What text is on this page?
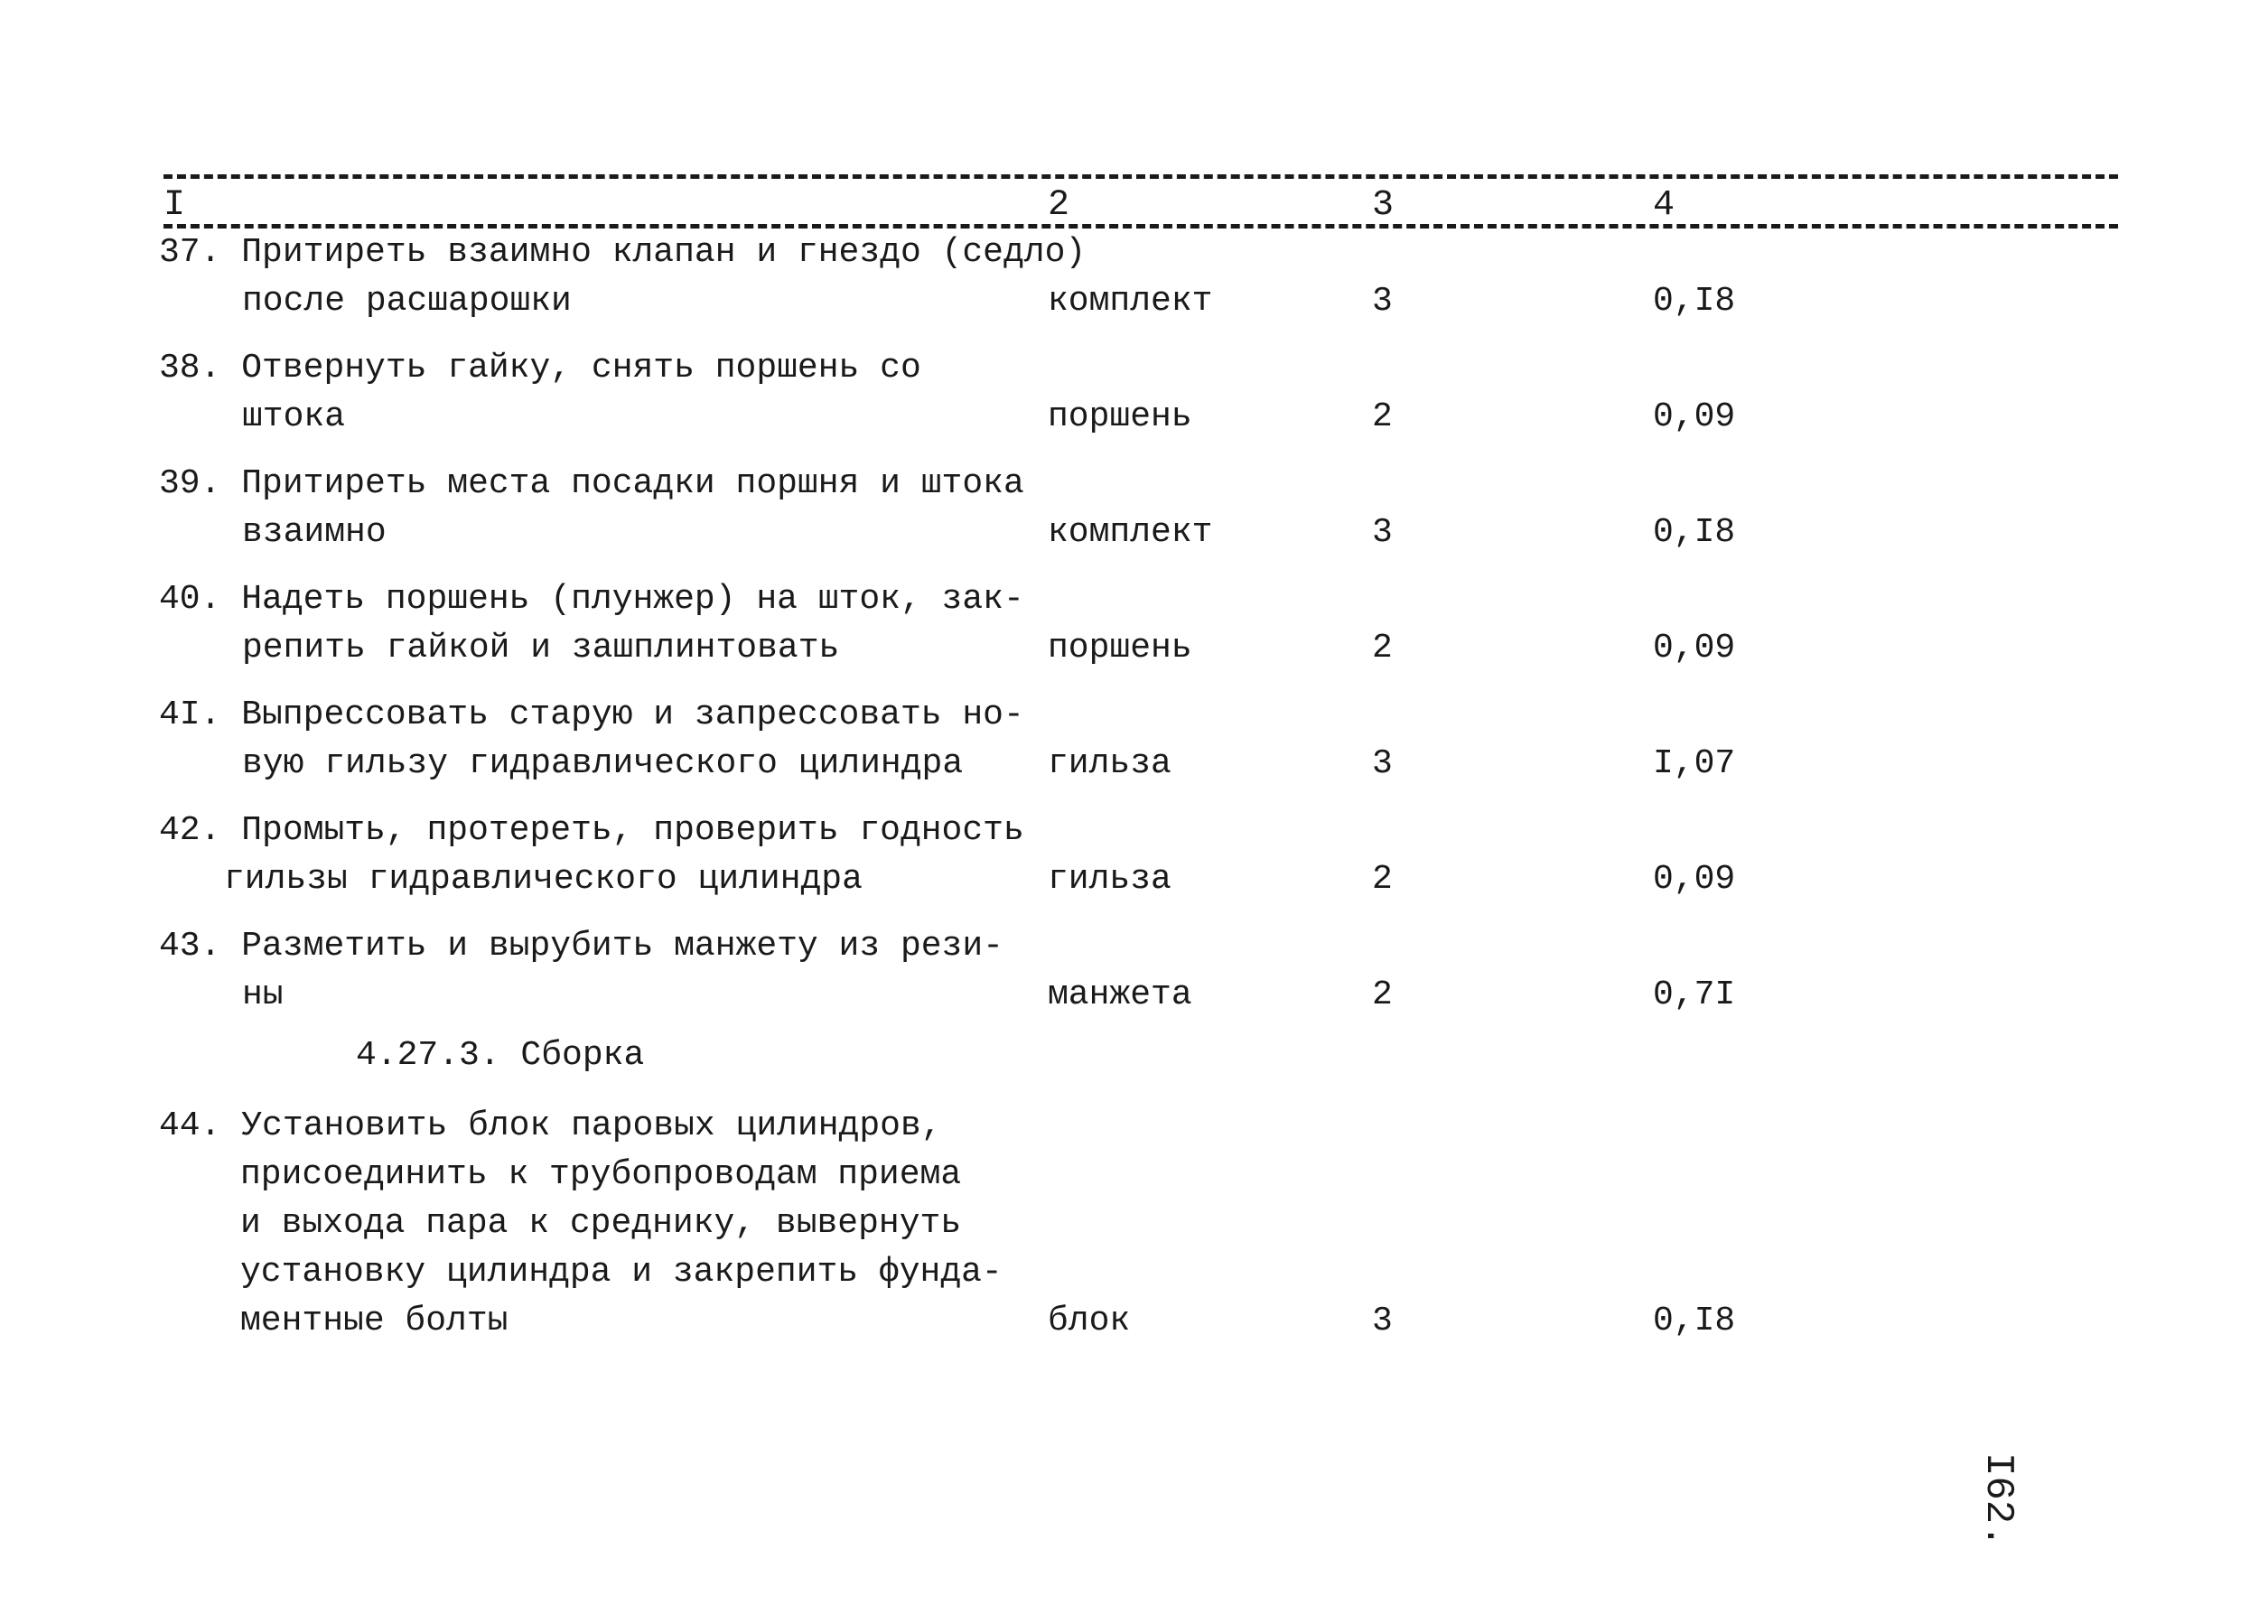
I	2	3	4
37. Притиреть взаимно клапан и гнездо (седло)
после расшарошки	комплект	3	0,I8
38. Отвернуть гайку, снять поршень со
штока	поршень	2	0,09
39. Притиреть места посадки поршня и штока
взаимно	комплект	3	0,I8
40. Надеть поршень (плунжер) на шток, зак-
репить гайкой и зашплинтовать	поршень	2	0,09
4I. Выпрессовать старую и запрессовать но-
вую гильзу гидравлического цилиндра	гильза	3	I,07
42. Промыть, протереть, проверить годность
гильзы гидравлического цилиндра	гильза	2	0,09
43. Разметить и вырубить манжету из рези-
ны	манжета	2	0,7I
4.27.3. Сборка
44. Установить блок паровых цилиндров,
присоединить к трубопроводам приема
и выхода пара к среднику, вывернуть
установку цилиндра и закрепить фунда-
ментные болты	блок	3	0,I8
I62.
